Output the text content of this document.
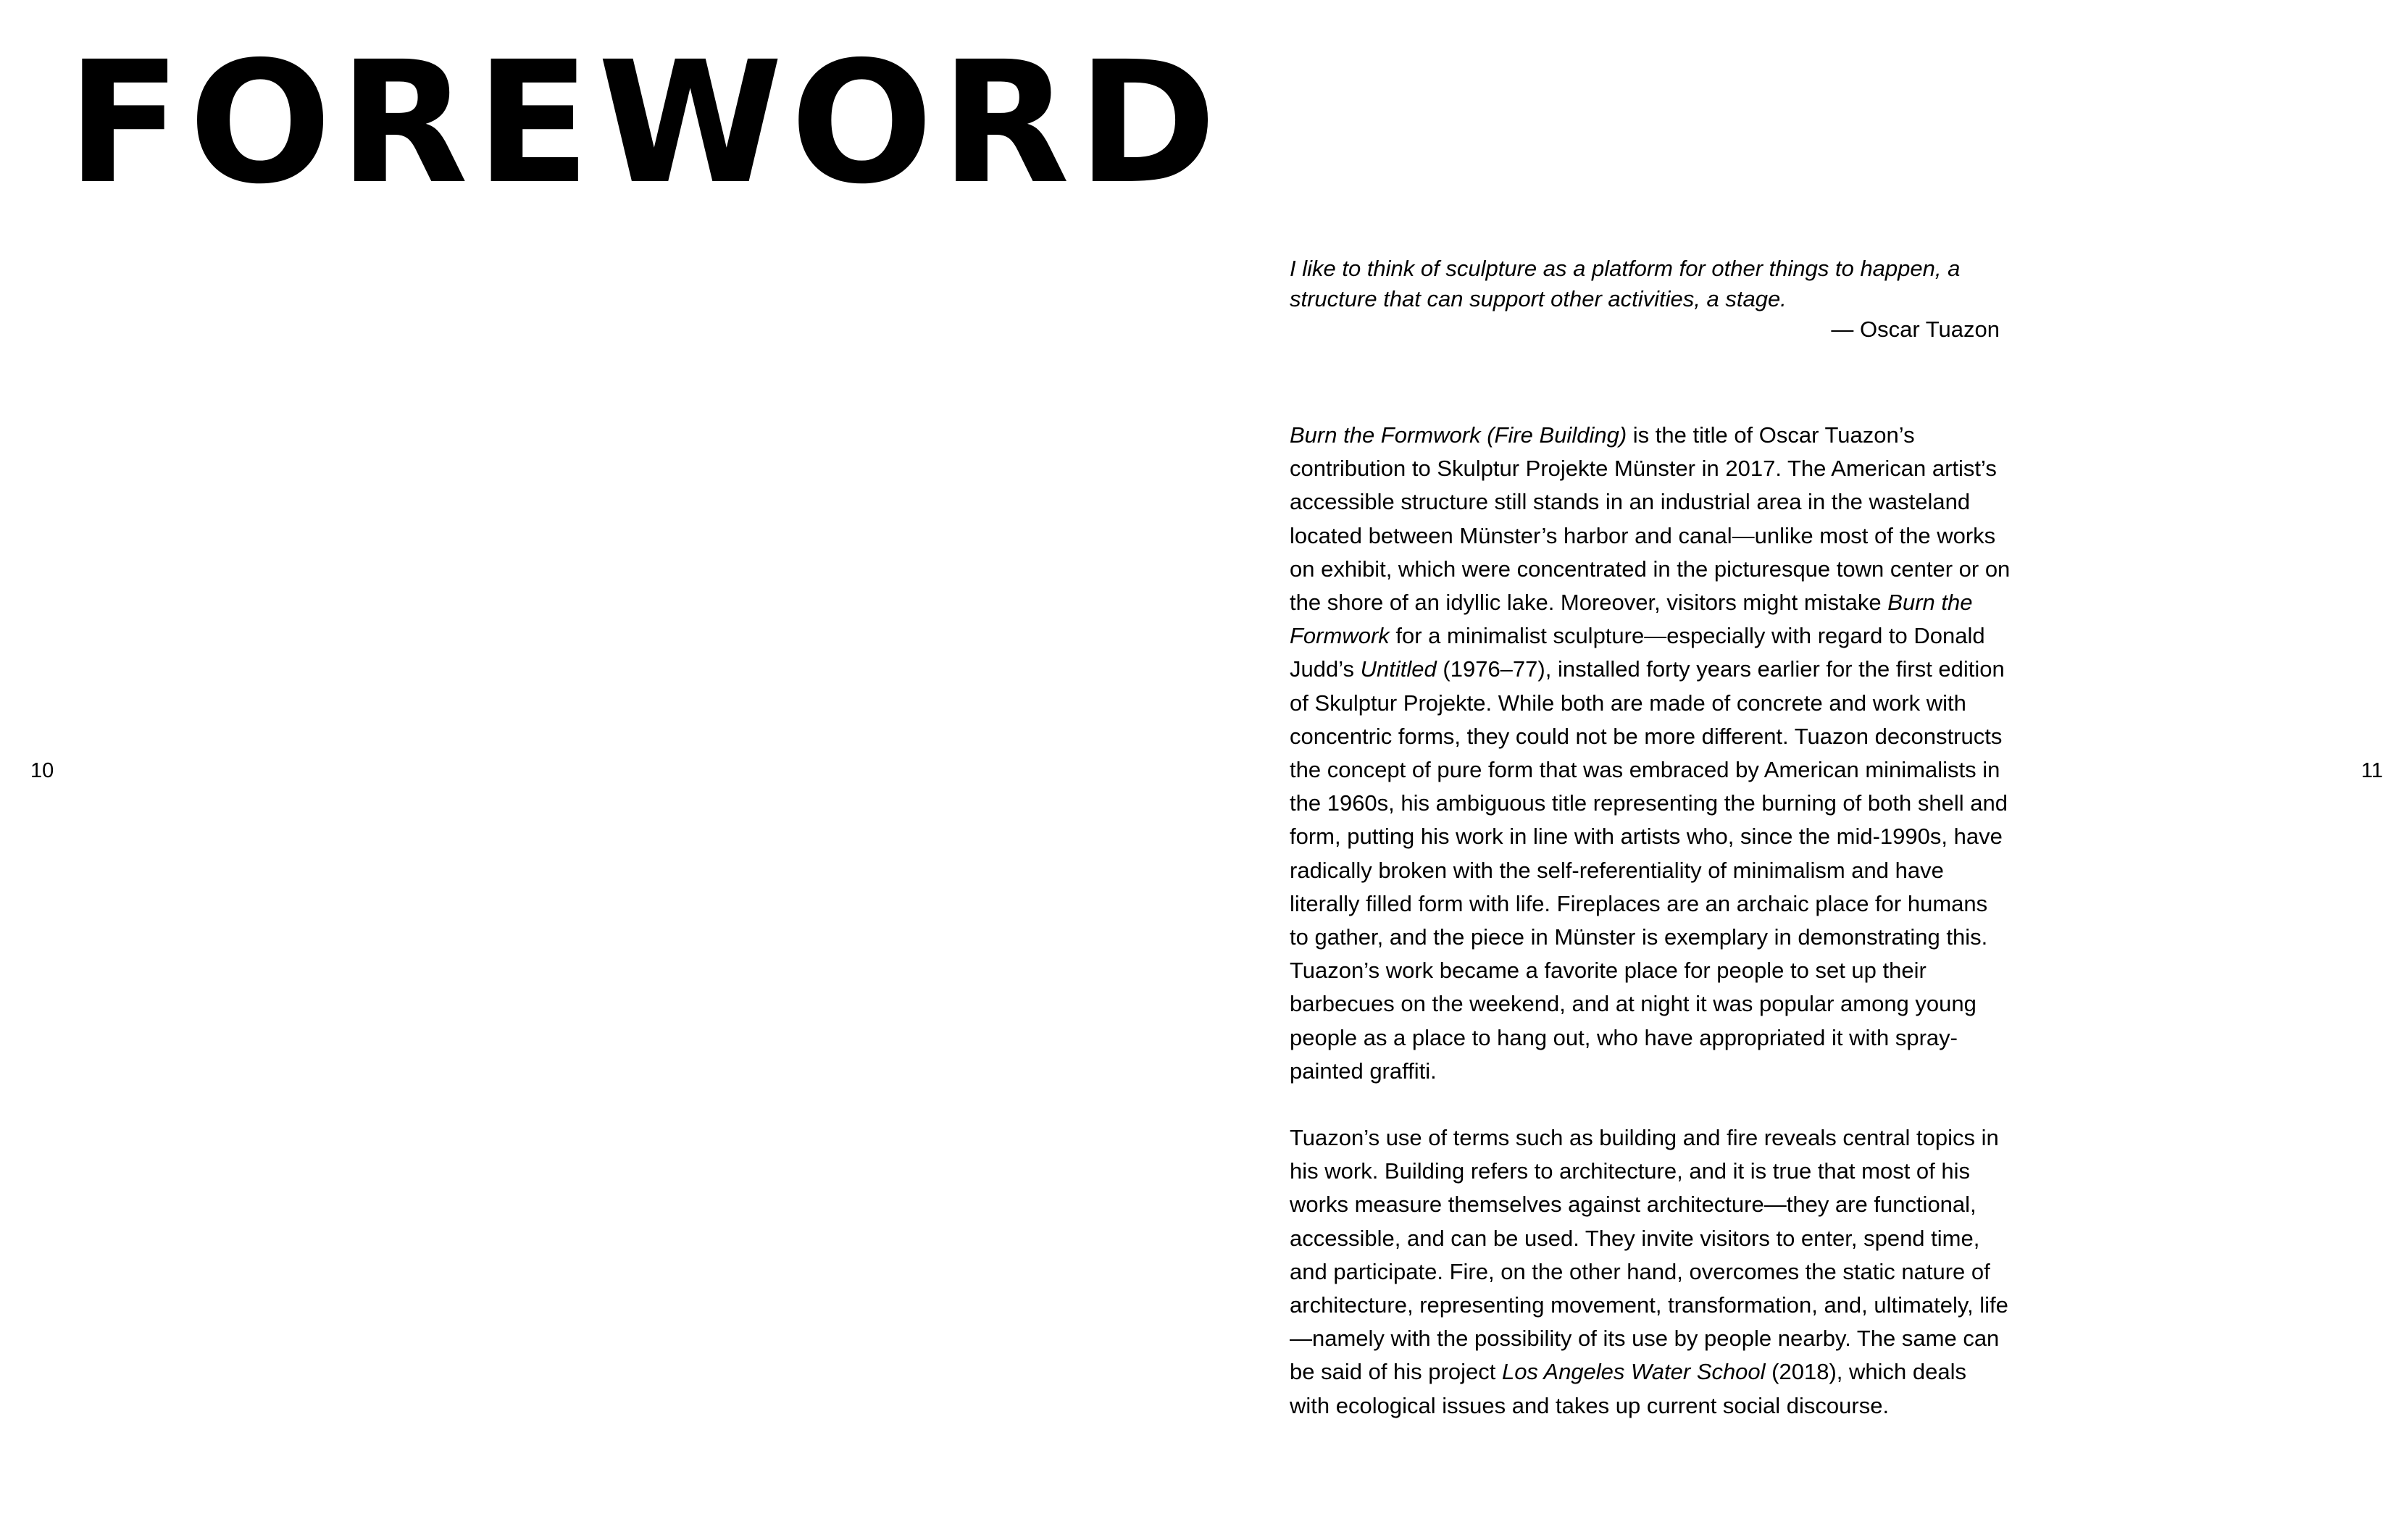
FOREWORD
10	11

I like to think of sculpture as a platform for other things to happen, a structure that can support other activities, a stage.

— Oscar Tuazon

Burn the Formwork (Fire Building) is the title of Oscar Tuazon’s contribution to Skulptur Projekte Münster in 2017. The American artist’s accessible structure still stands in an industrial area in the wasteland located between Münster’s harbor and canal—unlike most of the works on exhibit, which were concentrated in the picturesque town center or on the shore of an idyllic lake. Moreover, visitors might mistake Burn the Formwork for a minimalist sculpture—especially with regard to Donald Judd’s Untitled (1976–77), installed forty years earlier for the first edition of Skulptur Projekte. While both are made of concrete and work with concentric forms, they could not be more different. Tuazon deconstructs the concept of pure form that was embraced by American minimalists in the 1960s, his ambiguous title representing the burning of both shell and form, putting his work in line with artists who, since the mid-1990s, have radically broken with the self-referentiality of minimalism and have literally filled form with life. Fireplaces are an archaic place for humans to gather, and the piece in Münster is exemplary in demonstrating this. Tuazon’s work became a favorite place for people to set up their barbecues on the weekend, and at night it was popular among young people as a place to hang out, who have appropriated it with spray-painted graffiti.

Tuazon’s use of terms such as building and fire reveals central topics in his work. Building refers to architecture, and it is true that most of his works measure themselves against architecture—they are functional, accessible, and can be used. They invite visitors to enter, spend time, and participate. Fire, on the other hand, overcomes the static nature of architecture, representing movement, transformation, and, ultimately, life—namely with the possibility of its use by people nearby. The same can be said of his project Los Angeles Water School (2018), which deals with ecological issues and takes up current social discourse.
